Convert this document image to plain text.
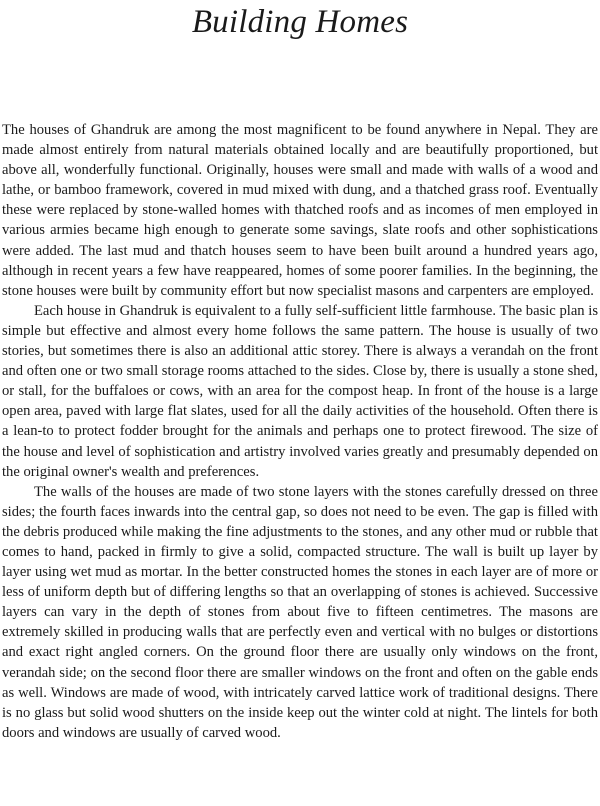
Building Homes

The houses of Ghandruk are among the most magnificent to be found anywhere in Nepal. They are made almost entirely from natural materials obtained locally and are beautifully proportioned, but above all, wonderfully functional. Originally, houses were small and made with walls of a wood and lathe, or bamboo framework, covered in mud mixed with dung, and a thatched grass roof. Eventually these were replaced by stone-walled homes with thatched roofs and as incomes of men employed in various armies became high enough to generate some savings, slate roofs and other sophistications were added. The last mud and thatch houses seem to have been built around a hundred years ago, although in recent years a few have reappeared, homes of some poorer families. In the beginning, the stone houses were built by community effort but now specialist masons and carpenters are employed.

Each house in Ghandruk is equivalent to a fully self-sufficient little farmhouse. The basic plan is simple but effective and almost every home follows the same pattern. The house is usually of two stories, but sometimes there is also an additional attic storey. There is always a verandah on the front and often one or two small storage rooms attached to the sides. Close by, there is usually a stone shed, or stall, for the buffaloes or cows, with an area for the compost heap. In front of the house is a large open area, paved with large flat slates, used for all the daily activities of the household. Often there is a lean-to to protect fodder brought for the animals and perhaps one to protect firewood. The size of the house and level of sophistication and artistry involved varies greatly and presumably depended on the original owner's wealth and preferences.

The walls of the houses are made of two stone layers with the stones carefully dressed on three sides; the fourth faces inwards into the central gap, so does not need to be even. The gap is filled with the debris produced while making the fine adjustments to the stones, and any other mud or rubble that comes to hand, packed in firmly to give a solid, compacted structure. The wall is built up layer by layer using wet mud as mortar. In the better constructed homes the stones in each layer are of more or less of uniform depth but of differing lengths so that an overlapping of stones is achieved. Successive layers can vary in the depth of stones from about five to fifteen centimetres. The masons are extremely skilled in producing walls that are perfectly even and vertical with no bulges or distortions and exact right angled corners. On the ground floor there are usually only windows on the front, verandah side; on the second floor there are smaller windows on the front and often on the gable ends as well. Windows are made of wood, with intricately carved lattice work of traditional designs. There is no glass but solid wood shutters on the inside keep out the winter cold at night. The lintels for both doors and windows are usually of carved wood.
